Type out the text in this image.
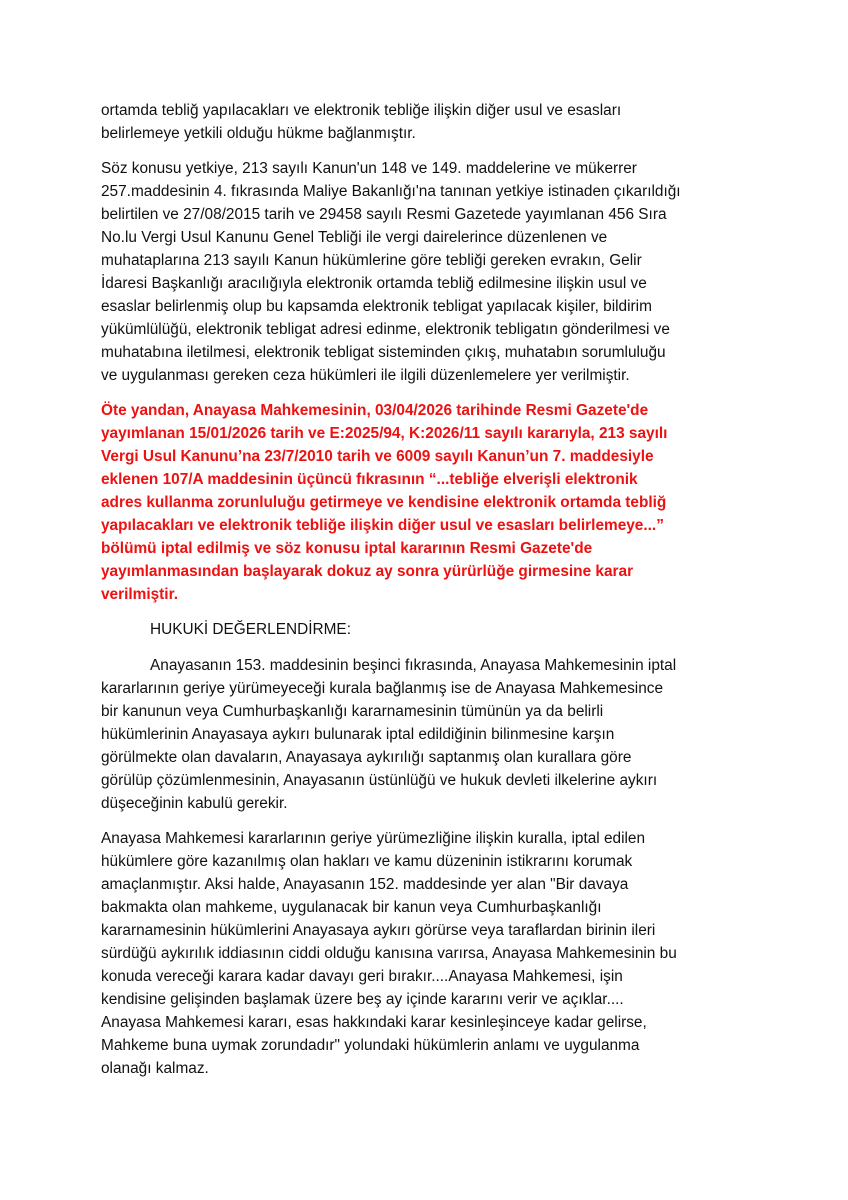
ortamda tebliğ yapılacakları ve elektronik tebliğe ilişkin diğer usul ve esasları
belirlemeye yetkili olduğu hükme bağlanmıştır.

Söz konusu yetkiye, 213 sayılı Kanun'un 148 ve 149. maddelerine ve mükerrer
257.maddesinin 4. fıkrasında Maliye Bakanlığı'na tanınan yetkiye istinaden çıkarıldığı
belirtilen ve 27/08/2015 tarih ve 29458 sayılı Resmi Gazetede yayımlanan 456 Sıra
No.lu Vergi Usul Kanunu Genel Tebliği ile vergi dairelerince düzenlenen ve
muhataplarına 213 sayılı Kanun hükümlerine göre tebliği gereken evrakın, Gelir
İdaresi Başkanlığı aracılığıyla elektronik ortamda tebliğ edilmesine ilişkin usul ve
esaslar belirlenmiş olup bu kapsamda elektronik tebligat yapılacak kişiler, bildirim
yükümlülüğü, elektronik tebligat adresi edinme, elektronik tebligatın gönderilmesi ve
muhatabına iletilmesi, elektronik tebligat sisteminden çıkış, muhatabın sorumluluğu
ve uygulanması gereken ceza hükümleri ile ilgili düzenlemelere yer verilmiştir.

Öte yandan, Anayasa Mahkemesinin, 03/04/2026 tarihinde Resmi Gazete'de
yayımlanan 15/01/2026 tarih ve E:2025/94, K:2026/11 sayılı kararıyla, 213 sayılı
Vergi Usul Kanunu’na 23/7/2010 tarih ve 6009 sayılı Kanun’un 7. maddesiyle
eklenen 107/A maddesinin üçüncü fıkrasının “...tebliğe elverişli elektronik
adres kullanma zorunluluğu getirmeye ve kendisine elektronik ortamda tebliğ
yapılacakları ve elektronik tebliğe ilişkin diğer usul ve esasları belirlemeye...”
bölümü iptal edilmiş ve söz konusu iptal kararının Resmi Gazete'de
yayımlanmasından başlayarak dokuz ay sonra yürürlüğe girmesine karar
verilmiştir.

HUKUKİ DEĞERLENDİRME:

Anayasanın 153. maddesinin beşinci fıkrasında, Anayasa Mahkemesinin iptal
kararlarının geriye yürümeyeceği kurala bağlanmış ise de Anayasa Mahkemesince
bir kanunun veya Cumhurbaşkanlığı kararnamesinin tümünün ya da belirli
hükümlerinin Anayasaya aykırı bulunarak iptal edildiğinin bilinmesine karşın
görülmekte olan davaların, Anayasaya aykırılığı saptanmış olan kurallara göre
görülüp çözümlenmesinin, Anayasanın üstünlüğü ve hukuk devleti ilkelerine aykırı
düşeceğinin kabulü gerekir.

Anayasa Mahkemesi kararlarının geriye yürümezliğine ilişkin kuralla, iptal edilen
hükümlere göre kazanılmış olan hakları ve kamu düzeninin istikrarını korumak
amaçlanmıştır. Aksi halde, Anayasanın 152. maddesinde yer alan "Bir davaya
bakmakta olan mahkeme, uygulanacak bir kanun veya Cumhurbaşkanlığı
kararnamesinin hükümlerini Anayasaya aykırı görürse veya taraflardan birinin ileri
sürdüğü aykırılık iddiasının ciddi olduğu kanısına varırsa, Anayasa Mahkemesinin bu
konuda vereceği karara kadar davayı geri bırakır....Anayasa Mahkemesi, işin
kendisine gelişinden başlamak üzere beş ay içinde kararını verir ve açıklar....
Anayasa Mahkemesi kararı, esas hakkındaki karar kesinleşinceye kadar gelirse,
Mahkeme buna uymak zorundadır" yolundaki hükümlerin anlamı ve uygulanma
olanağı kalmaz.
